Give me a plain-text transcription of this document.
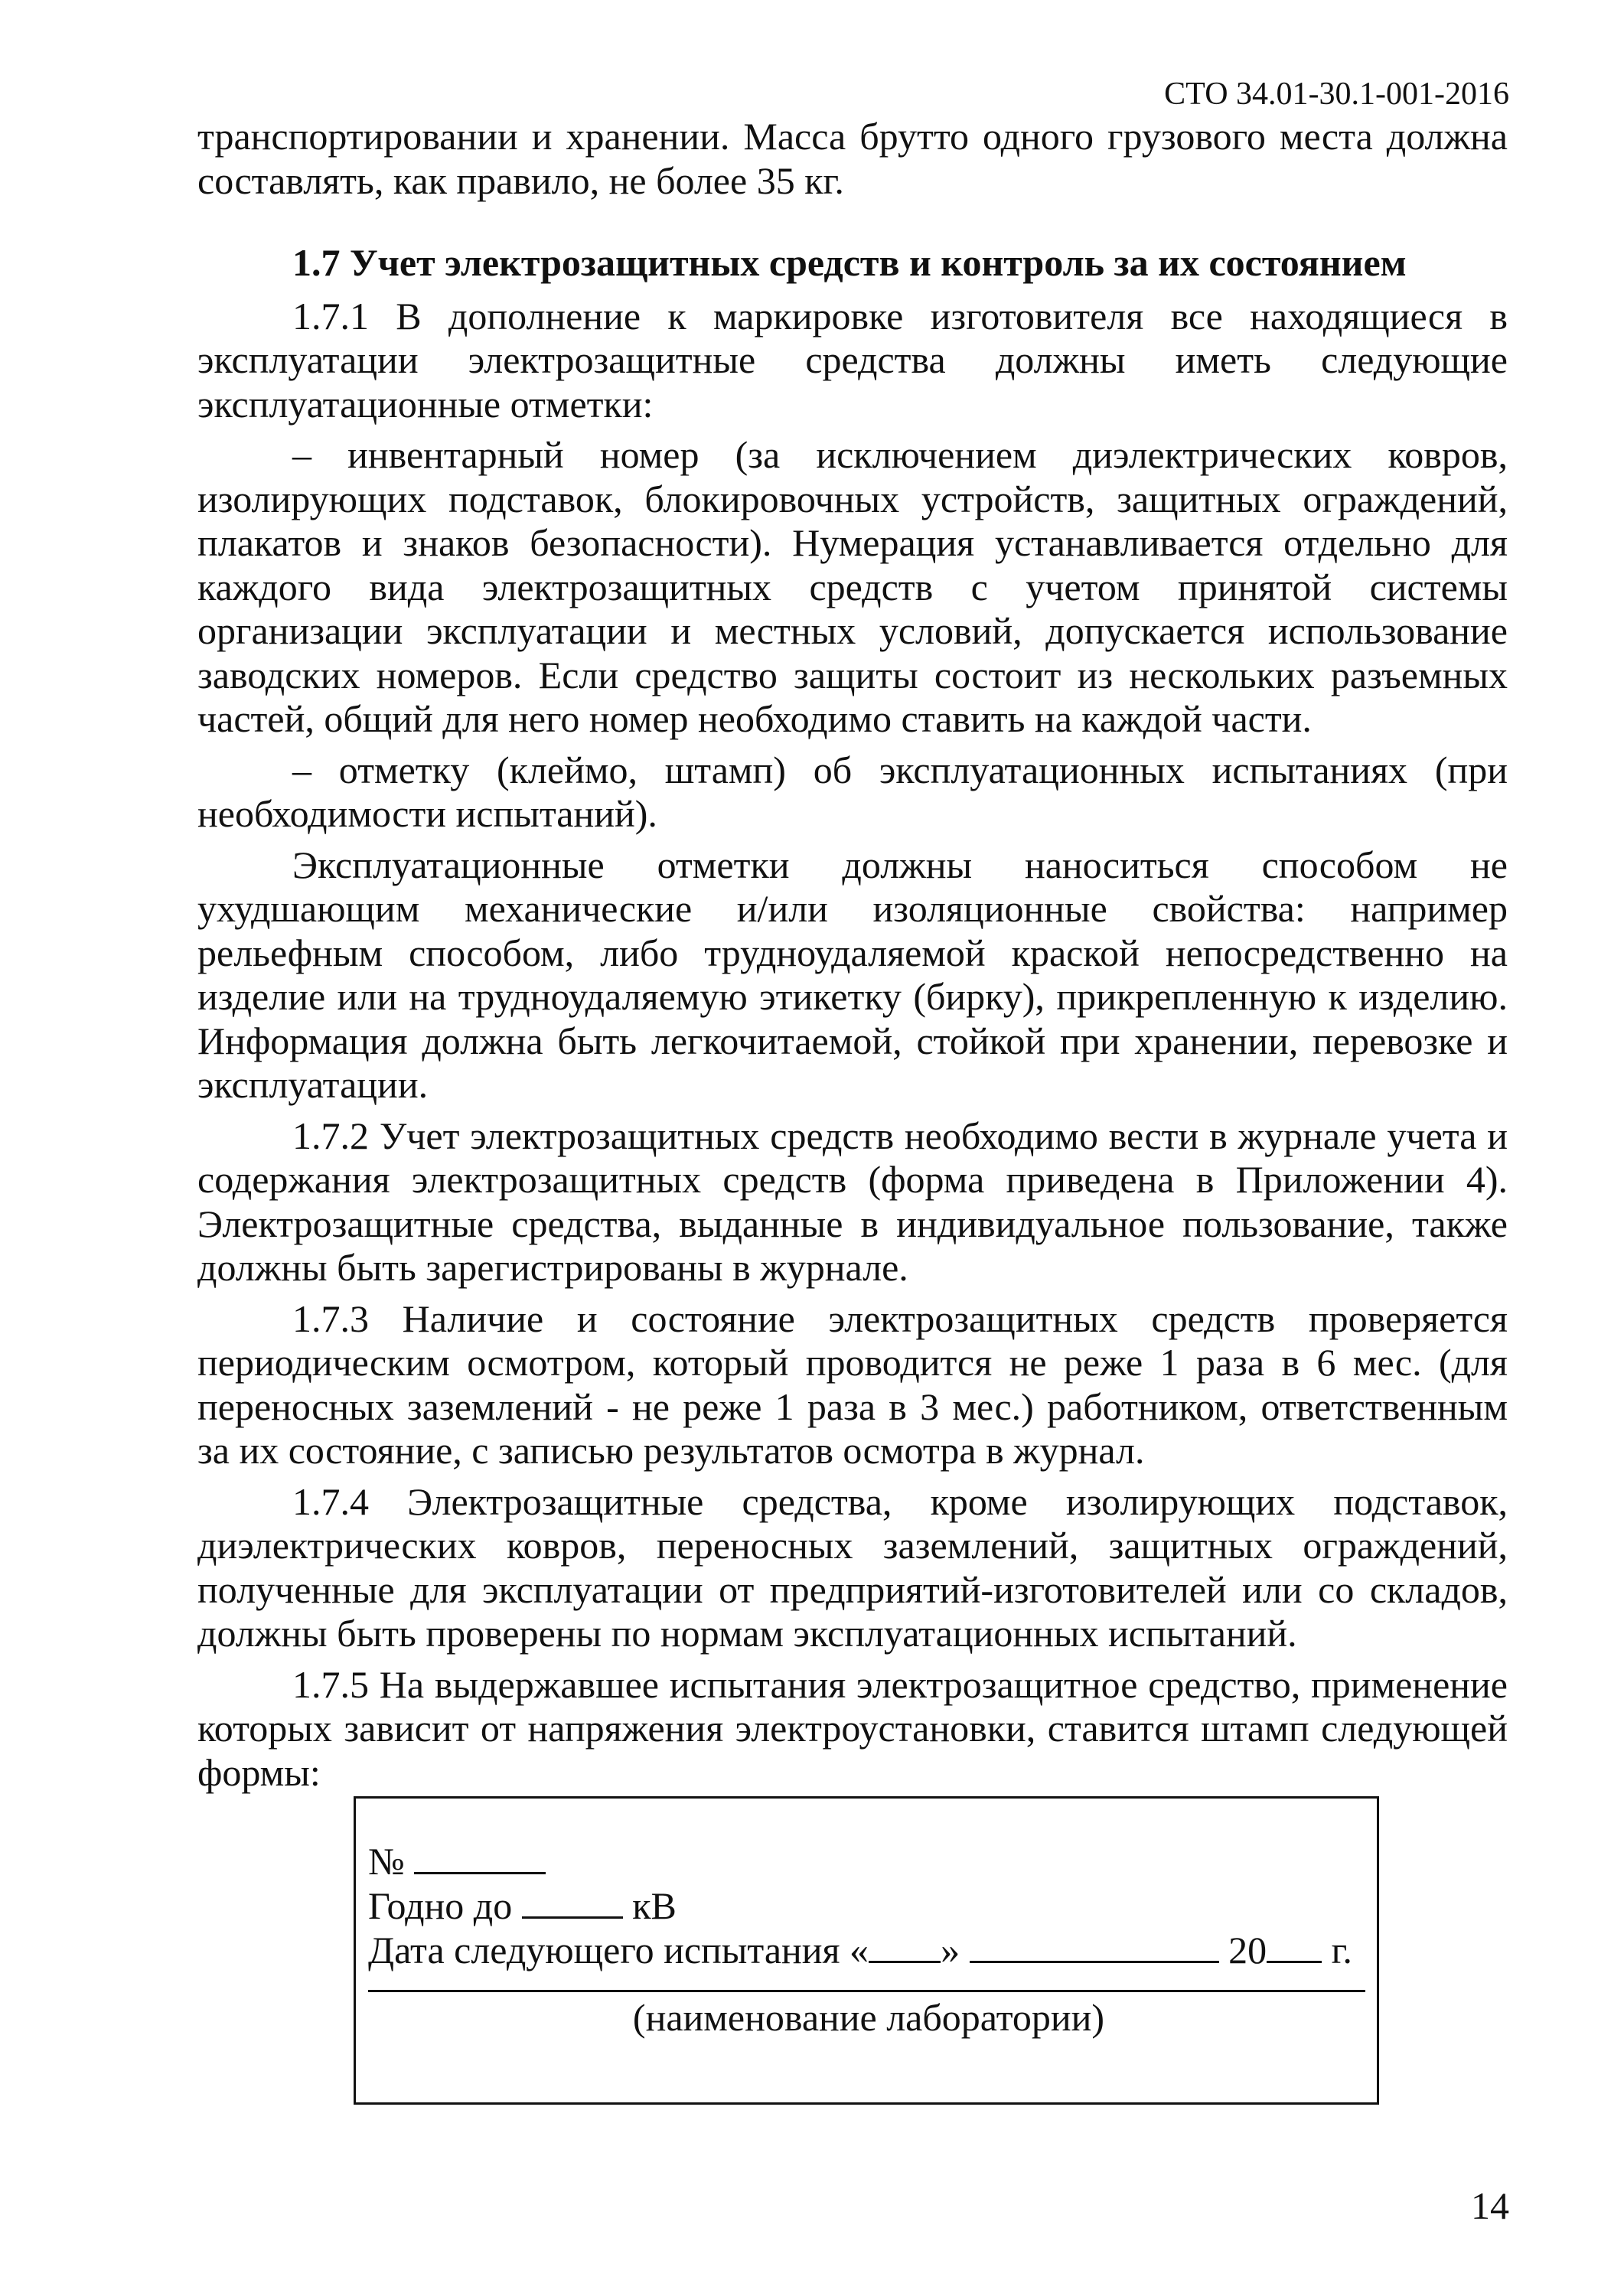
СТО 34.01-30.1-001-2016

транспортировании и хранении. Масса брутто одного грузового места должна составлять, как правило, не более 35 кг.

1.7 Учет электрозащитных средств и контроль за их состоянием

1.7.1 В дополнение к маркировке изготовителя все находящиеся в эксплуатации электрозащитные средства должны иметь следующие эксплуатационные отметки:

– инвентарный номер (за исключением диэлектрических ковров, изолирующих подставок, блокировочных устройств, защитных ограждений, плакатов и знаков безопасности). Нумерация устанавливается отдельно для каждого вида электрозащитных средств с учетом принятой системы организации эксплуатации и местных условий, допускается использование заводских номеров. Если средство защиты состоит из нескольких разъемных частей, общий для него номер необходимо ставить на каждой части.

– отметку (клеймо, штамп) об эксплуатационных испытаниях (при необходимости испытаний).

Эксплуатационные отметки должны наноситься способом не ухудшающим механические и/или изоляционные свойства: например рельефным способом, либо трудноудаляемой краской непосредственно на изделие или на трудноудаляемую этикетку (бирку), прикрепленную к изделию. Информация должна быть легкочитаемой, стойкой при хранении, перевозке и эксплуатации.

1.7.2 Учет электрозащитных средств необходимо вести в журнале учета и содержания электрозащитных средств (форма приведена в Приложении 4). Электрозащитные средства, выданные в индивидуальное пользование, также должны быть зарегистрированы в журнале.

1.7.3 Наличие и состояние электрозащитных средств проверяется периодическим осмотром, который проводится не реже 1 раза в 6 мес. (для переносных заземлений - не реже 1 раза в 3 мес.) работником, ответственным за их состояние, с записью результатов осмотра в журнал.

1.7.4 Электрозащитные средства, кроме изолирующих подставок, диэлектрических ковров, переносных заземлений, защитных ограждений, полученные для эксплуатации от предприятий-изготовителей или со складов, должны быть проверены по нормам эксплуатационных испытаний.

1.7.5 На выдержавшее испытания электрозащитное средство, применение которых зависит от напряжения электроустановки, ставится штамп следующей формы:

№
Годно до	кВ
Дата следующего испытания « »	20 г.
(наименование лаборатории)
14
